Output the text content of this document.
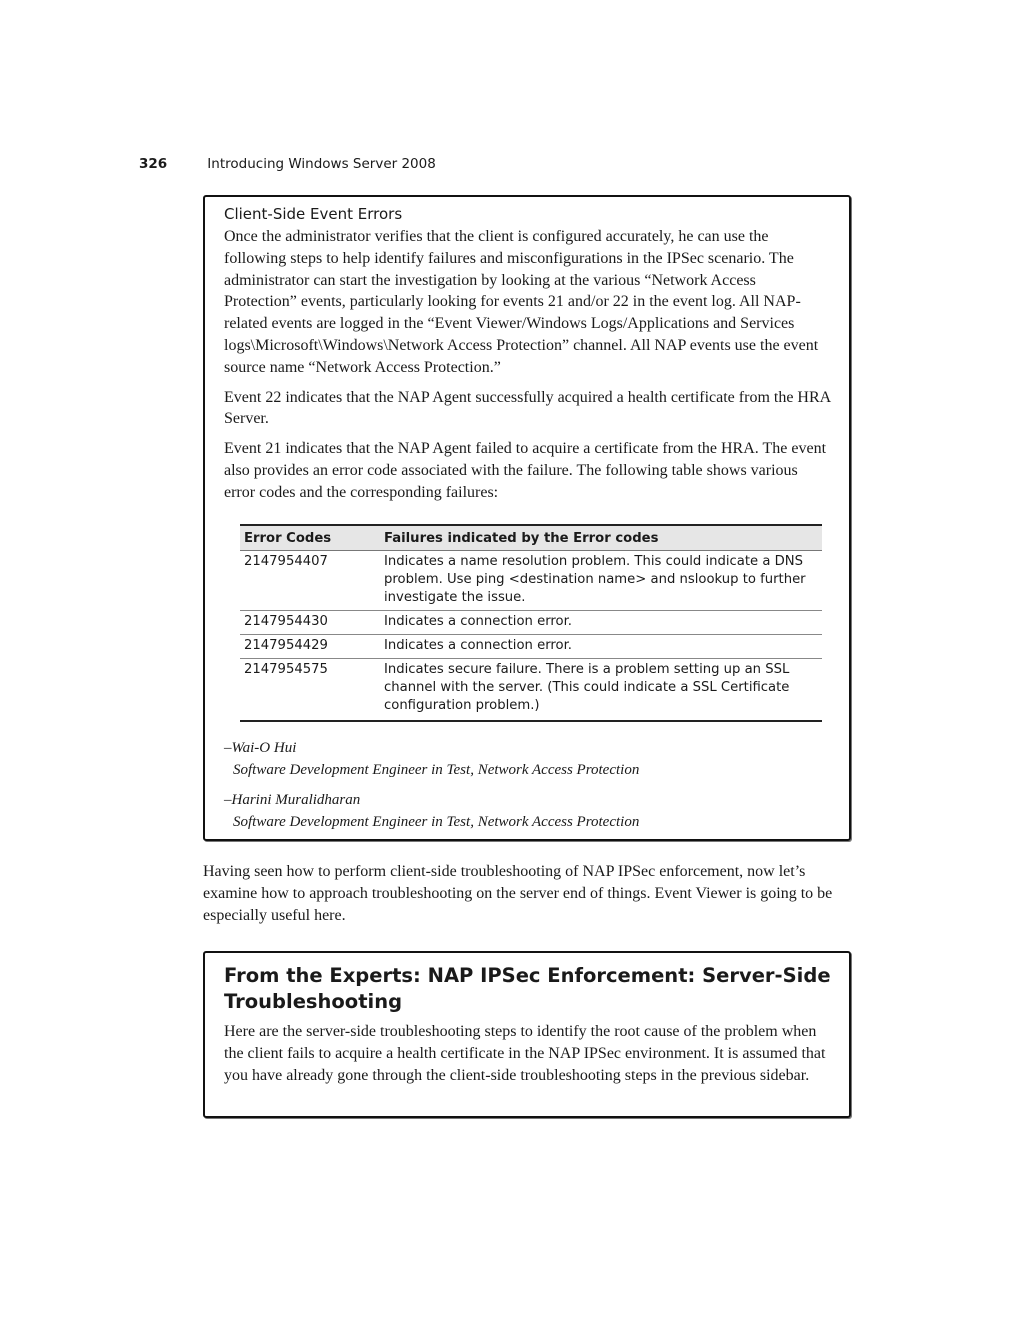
326	Introducing Windows Server 2008
Client-Side Event Errors

Once the administrator verifies that the client is configured accurately, he can use the following steps to help identify failures and misconfigurations in the IPSec scenario. The administrator can start the investigation by looking at the various “Network Access Protection” events, particularly looking for events 21 and/or 22 in the event log. All NAP-related events are logged in the “Event Viewer/Windows Logs/Applications and Services logs\Microsoft\Windows\Network Access Protection” channel. All NAP events use the event source name “Network Access Protection.”

Event 22 indicates that the NAP Agent successfully acquired a health certificate from the HRA Server.

Event 21 indicates that the NAP Agent failed to acquire a certificate from the HRA. The event also provides an error code associated with the failure. The following table shows various error codes and the corresponding failures:

Error Codes	Failures indicated by the Error codes
2147954407	Indicates a name resolution problem. This could indicate a DNS problem. Use ping <destination name> and nslookup to further investigate the issue.
2147954430	Indicates a connection error.
2147954429	Indicates a connection error.
2147954575	Indicates secure failure. There is a problem setting up an SSL channel with the server. (This could indicate a SSL Certificate configuration problem.)
–Wai-O Hui
Software Development Engineer in Test, Network Access Protection
–Harini Muralidharan
Software Development Engineer in Test, Network Access Protection

Having seen how to perform client-side troubleshooting of NAP IPSec enforcement, now let’s examine how to approach troubleshooting on the server end of things. Event Viewer is going to be especially useful here.

From the Experts: NAP IPSec Enforcement: Server-Side Troubleshooting

Here are the server-side troubleshooting steps to identify the root cause of the problem when the client fails to acquire a health certificate in the NAP IPSec environment. It is assumed that you have already gone through the client-side troubleshooting steps in the previous sidebar.
